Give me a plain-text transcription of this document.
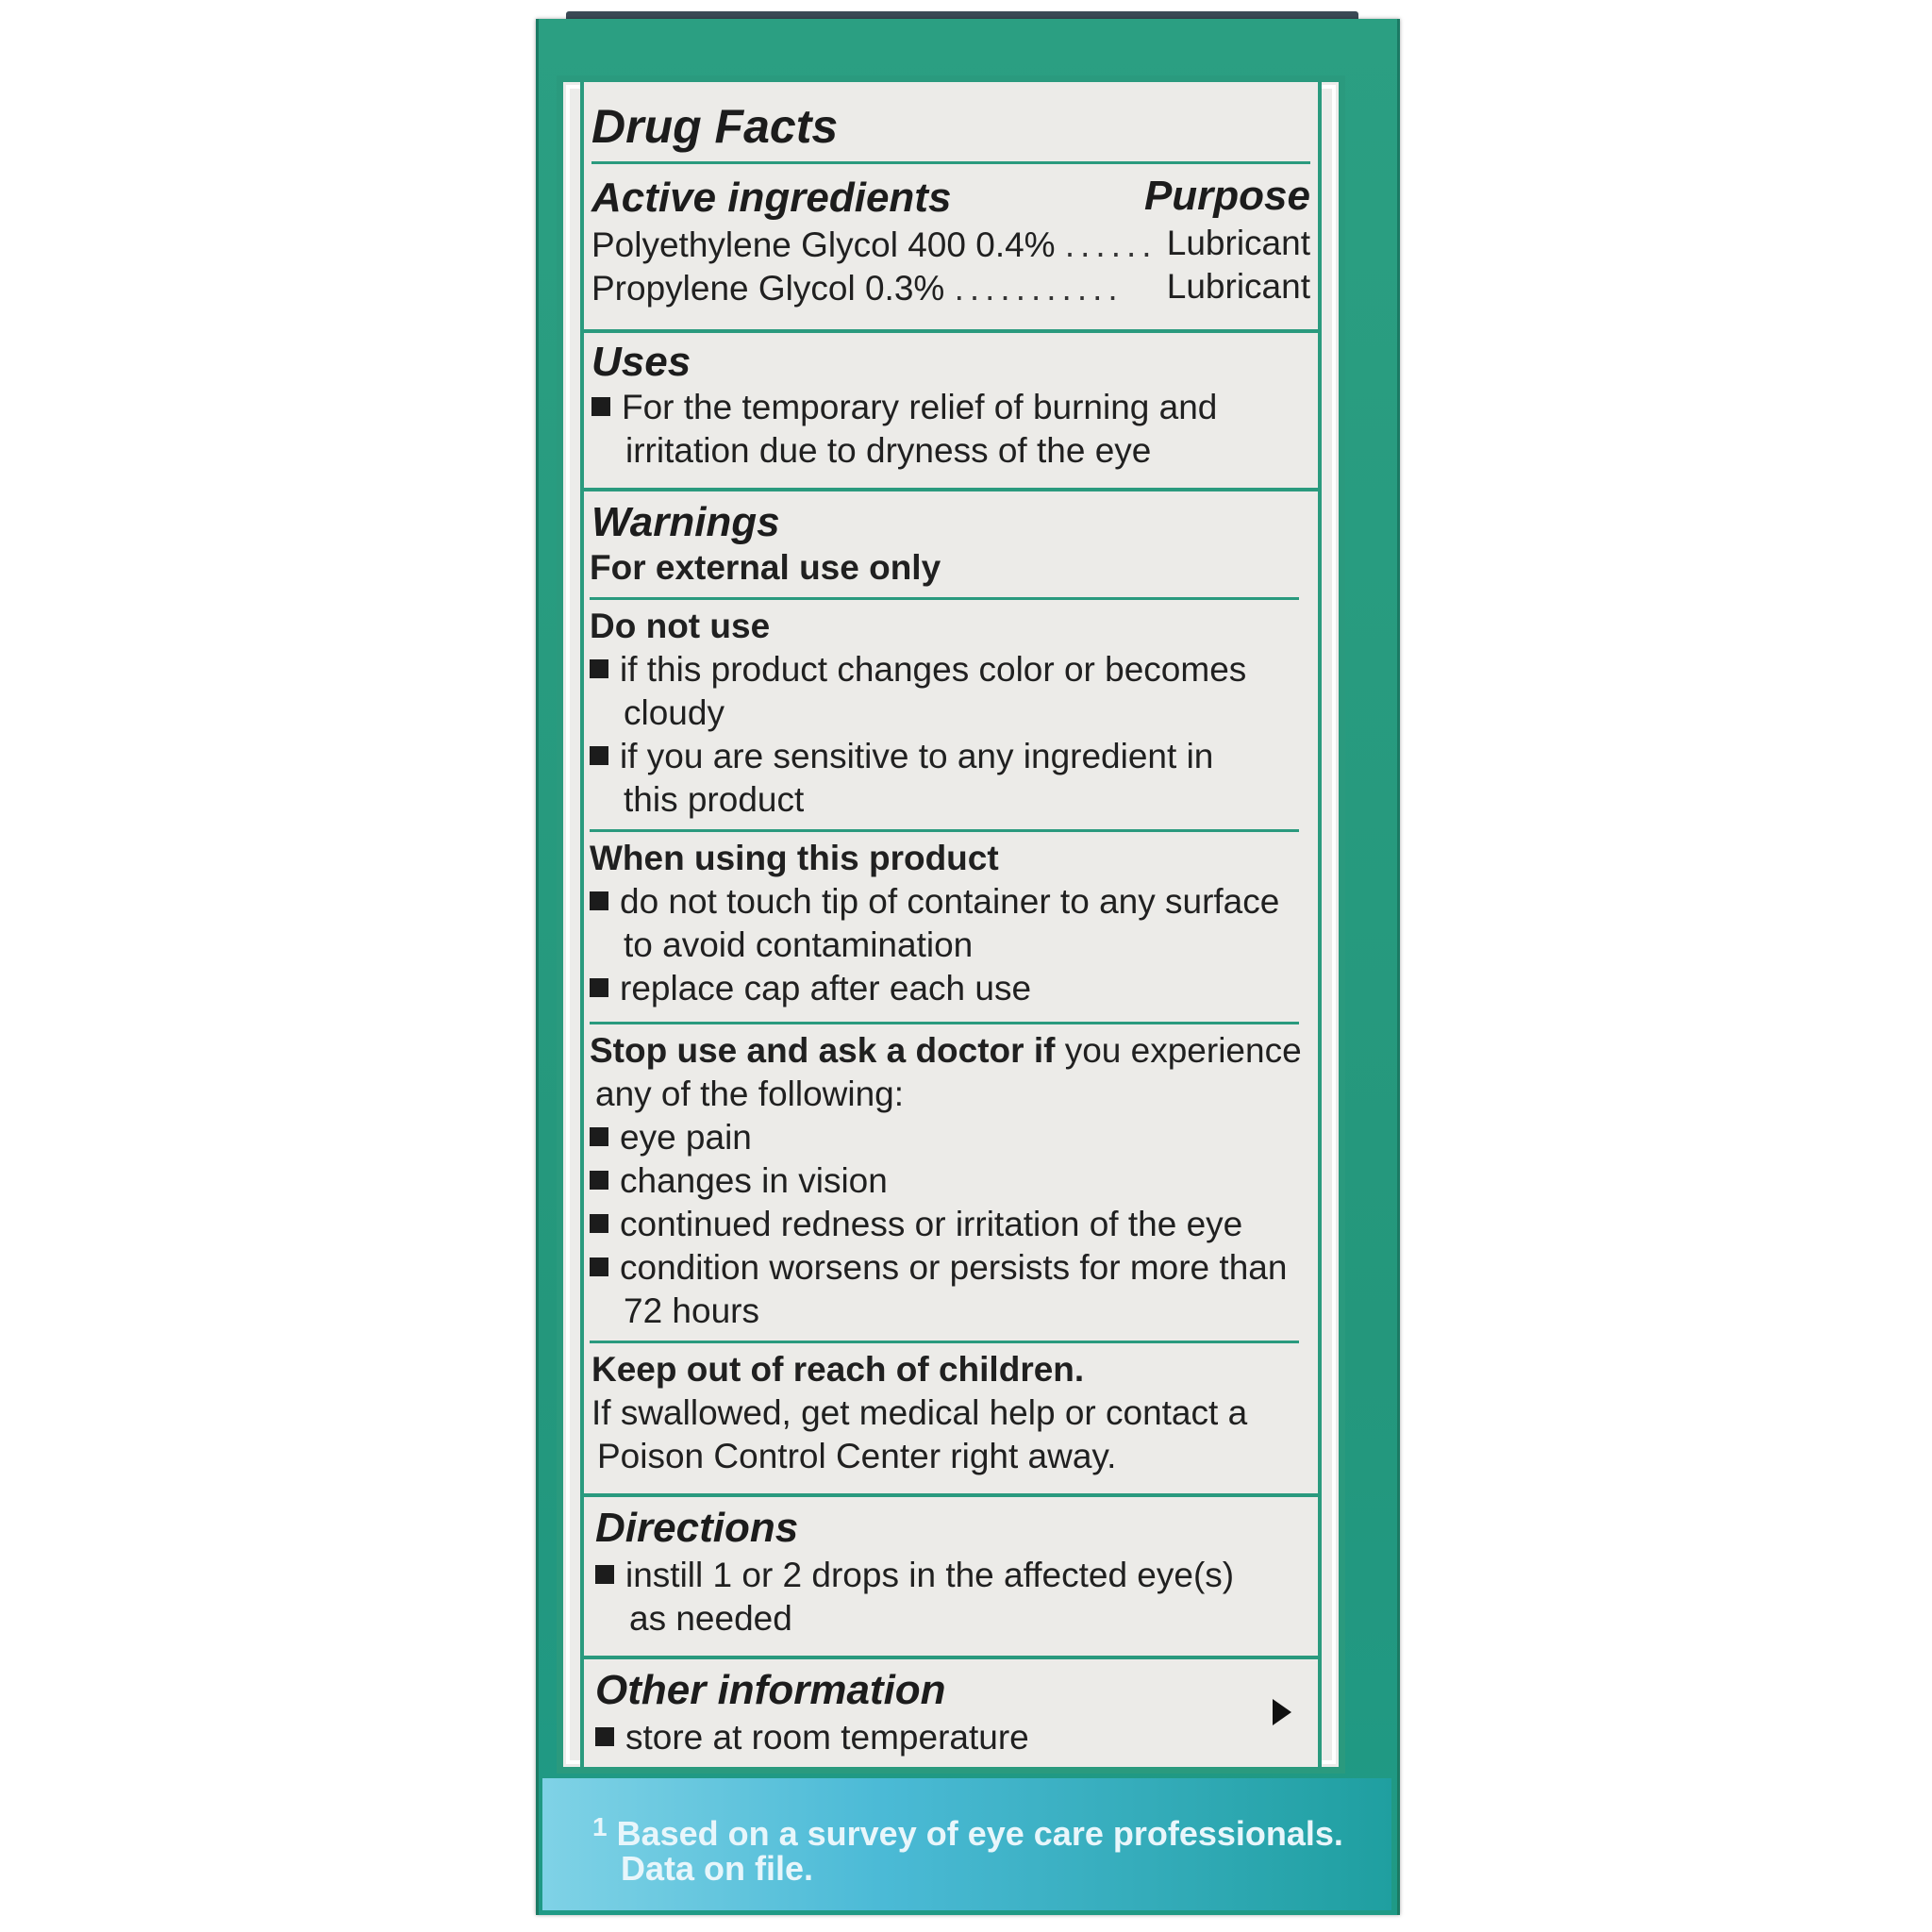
Drug Facts
Active ingredients	Purpose
Polyethylene Glycol 400 0.4% ...... Lubricant
Propylene Glycol 0.3% ........... Lubricant
Uses
For the temporary relief of burning and
irritation due to dryness of the eye
Warnings
For external use only
Do not use
if this product changes color or becomes
cloudy
if you are sensitive to any ingredient in
this product
When using this product
do not touch tip of container to any surface
to avoid contamination
replace cap after each use
Stop use and ask a doctor if you experience
any of the following:
eye pain
changes in vision
continued redness or irritation of the eye
condition worsens or persists for more than
72 hours
Keep out of reach of children.
If swallowed, get medical help or contact a
Poison Control Center right away.
Directions
instill 1 or 2 drops in the affected eye(s)
as needed
Other information
store at room temperature
$^1$ Based on a survey of eye care professionals.
Data on file.
